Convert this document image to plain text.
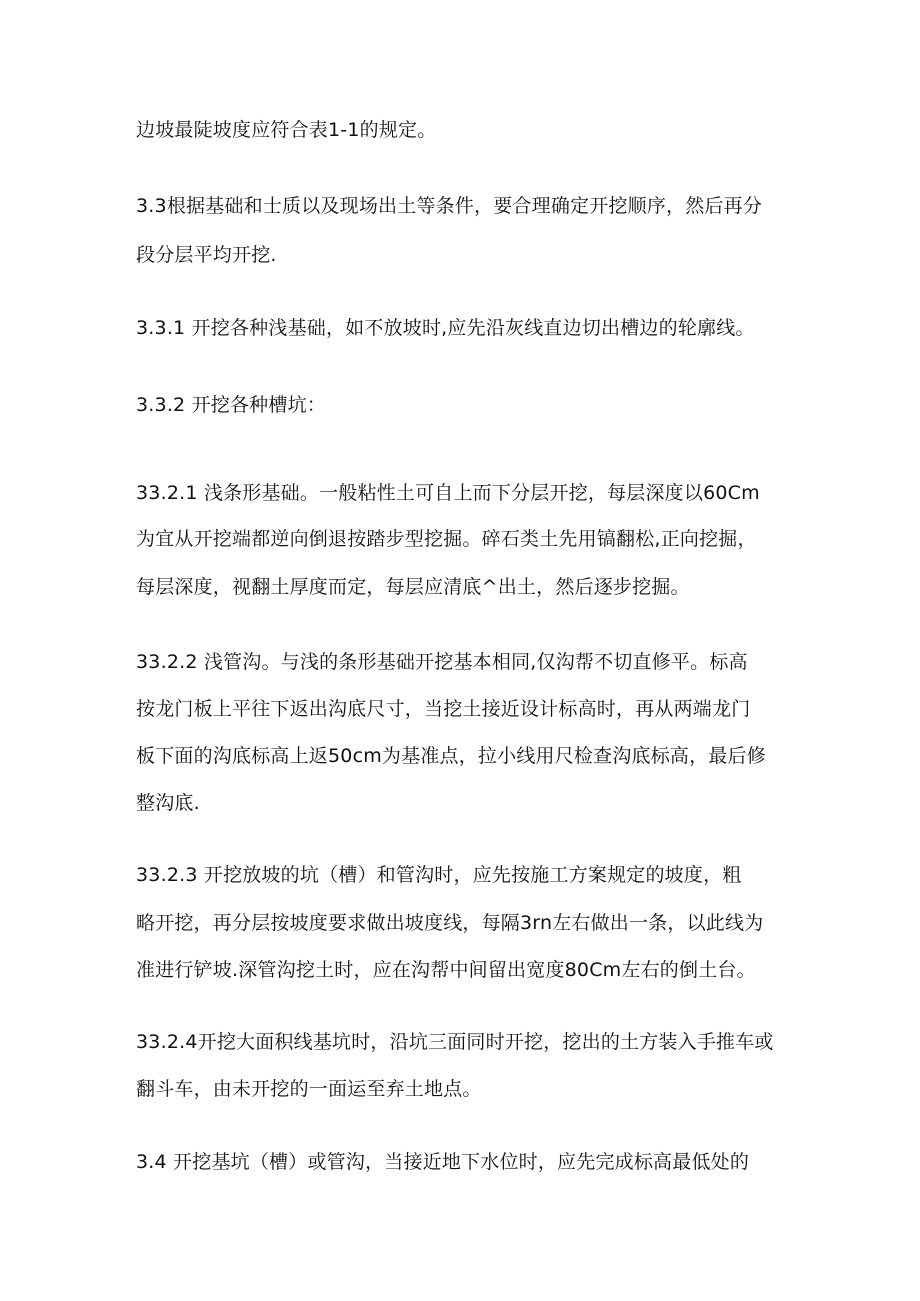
边坡最陡坡度应符合表1-1的规定。
3.3根据基础和士质以及现场出土等条件，要合理确定开挖顺序，然后再分
段分层平均开挖.
3.3.1 开挖各种浅基础，如不放坡时,应先沿灰线直边切出槽边的轮廓线。
3.3.2 开挖各种槽坑：
33.2.1 浅条形基础。一般粘性土可自上而下分层开挖，每层深度以60Cm
为宜从开挖端都逆向倒退按踏步型挖掘。碎石类土先用镐翻松,正向挖掘，
每层深度，视翻土厚度而定，每层应清底^出土，然后逐步挖掘。
33.2.2 浅管沟。与浅的条形基础开挖基本相同,仅沟帮不切直修平。标高
按龙门板上平往下返出沟底尺寸，当挖土接近设计标高时，再从两端龙门
板下面的沟底标高上返50cm为基准点，拉小线用尺检查沟底标高，最后修
整沟底.
33.2.3 开挖放坡的坑（槽）和管沟时，应先按施工方案规定的坡度，粗
略开挖，再分层按坡度要求做出坡度线，每隔3rn左右做出一条，以此线为
准进行铲坡.深管沟挖土时，应在沟帮中间留出宽度80Cm左右的倒土台。
33.2.4开挖大面积线基坑时，沿坑三面同时开挖，挖出的土方装入手推车或
翻斗车，由未开挖的一面运至弃土地点。
3.4 开挖基坑（槽）或管沟，当接近地下水位时，应先完成标高最低处的
